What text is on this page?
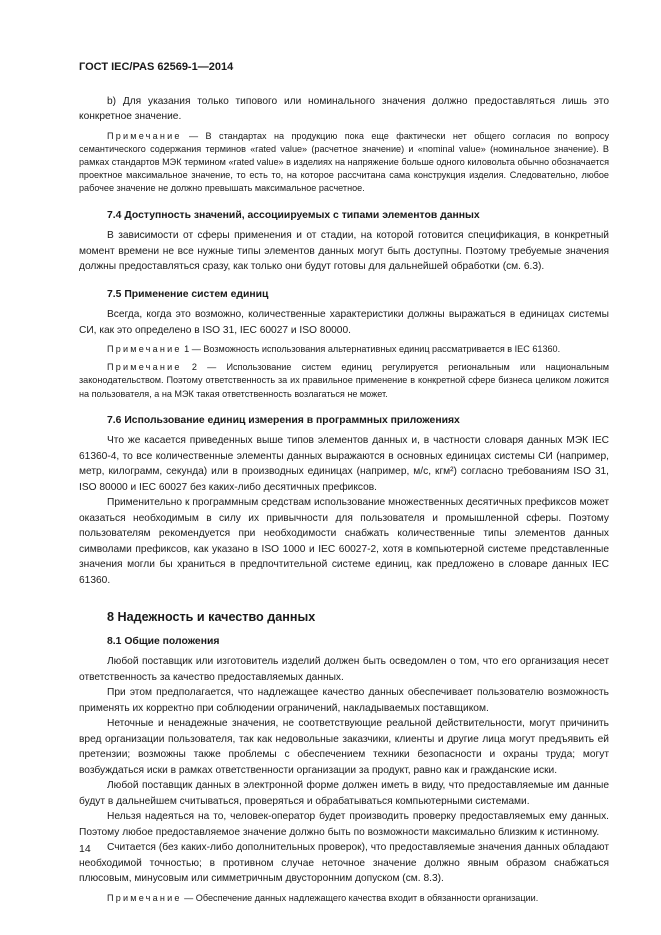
ГОСТ IEC/PAS 62569-1—2014

b) Для указания только типового или номинального значения должно предоставляться лишь это конкретное значение.

Примечание — В стандартах на продукцию пока еще фактически нет общего согласия по вопросу семантического содержания терминов «rated value» (расчетное значение) и «nominal value» (номинальное значение). В рамках стандартов МЭК термином «rated value» в изделиях на напряжение больше одного киловольта обычно обозначается проектное максимальное значение, то есть то, на которое рассчитана сама конструкция изделия. Следовательно, любое рабочее значение не должно превышать максимальное расчетное.

7.4 Доступность значений, ассоциируемых с типами элементов данных

В зависимости от сферы применения и от стадии, на которой готовится спецификация, в конкретный момент времени не все нужные типы элементов данных могут быть доступны. Поэтому требуемые значения должны предоставляться сразу, как только они будут готовы для дальнейшей обработки (см. 6.3).

7.5 Применение систем единиц

Всегда, когда это возможно, количественные характеристики должны выражаться в единицах системы СИ, как это определено в ISO 31, IEC 60027 и ISO 80000.

Примечание 1 — Возможность использования альтернативных единиц рассматривается в IEC 61360.

Примечание 2 — Использование систем единиц регулируется региональным или национальным законодательством. Поэтому ответственность за их правильное применение в конкретной сфере бизнеса целиком ложится на пользователя, а на МЭК такая ответственность возлагаться не может.

7.6 Использование единиц измерения в программных приложениях

Что же касается приведенных выше типов элементов данных и, в частности словаря данных МЭК IEC 61360-4, то все количественные элементы данных выражаются в основных единицах системы СИ (например, метр, килограмм, секунда) или в производных единицах (например, м/с, кгм²) согласно требованиям ISO 31, ISO 80000 и IEC 60027 без каких-либо десятичных префиксов.

Применительно к программным средствам использование множественных десятичных префиксов может оказаться необходимым в силу их привычности для пользователя и промышленной сферы. Поэтому пользователям рекомендуется при необходимости снабжать количественные типы элементов данных символами префиксов, как указано в ISO 1000 и IEC 60027-2, хотя в компьютерной системе представленные значения могли бы храниться в предпочтительной системе единиц, как предложено в словаре данных IEC 61360.

8 Надежность и качество данных
8.1 Общие положения

Любой поставщик или изготовитель изделий должен быть осведомлен о том, что его организация несет ответственность за качество предоставляемых данных.

При этом предполагается, что надлежащее качество данных обеспечивает пользователю возможность применять их корректно при соблюдении ограничений, накладываемых поставщиком.

Неточные и ненадежные значения, не соответствующие реальной действительности, могут причинить вред организации пользователя, так как недовольные заказчики, клиенты и другие лица могут предъявить ей претензии; возможны также проблемы с обеспечением техники безопасности и охраны труда; могут возбуждаться иски в рамках ответственности организации за продукт, равно как и гражданские иски.

Любой поставщик данных в электронной форме должен иметь в виду, что предоставляемые им данные будут в дальнейшем считываться, проверяться и обрабатываться компьютерными системами.

Нельзя надеяться на то, человек-оператор будет производить проверку предоставляемых ему данных. Поэтому любое предоставляемое значение должно быть по возможности максимально близким к истинному.

Считается (без каких-либо дополнительных проверок), что предоставляемые значения данных обладают необходимой точностью; в противном случае неточное значение должно явным образом снабжаться плюсовым, минусовым или симметричным двусторонним допуском (см. 8.3).

Примечание — Обеспечение данных надлежащего качества входит в обязанности организации.

14
